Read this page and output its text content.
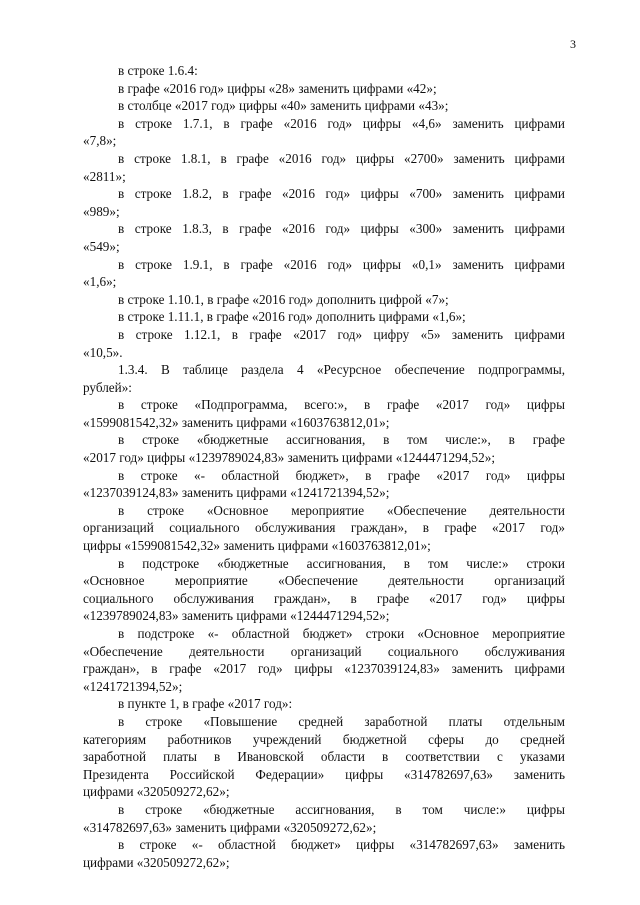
3
в строке 1.6.4:
в графе «2016 год» цифры «28» заменить цифрами «42»;
в столбце «2017 год» цифры «40» заменить цифрами «43»;
в строке 1.7.1, в графе «2016 год» цифры «4,6» заменить цифрами
«7,8»;
в строке 1.8.1, в графе «2016 год» цифры «2700» заменить цифрами
«2811»;
в строке 1.8.2, в графе «2016 год» цифры «700» заменить цифрами
«989»;
в строке 1.8.3, в графе «2016 год» цифры «300» заменить цифрами
«549»;
в строке 1.9.1, в графе «2016 год» цифры «0,1» заменить цифрами
«1,6»;
в строке 1.10.1, в графе «2016 год» дополнить цифрой «7»;
в строке 1.11.1, в графе «2016 год» дополнить цифрами «1,6»;
в строке 1.12.1, в графе «2017 год» цифру «5» заменить цифрами
«10,5».
1.3.4. В таблице раздела 4 «Ресурсное обеспечение подпрограммы,
рублей»:
в строке «Подпрограмма, всего:», в графе «2017 год» цифры
«1599081542,32» заменить цифрами «1603763812,01»;
в строке «бюджетные ассигнования, в том числе:», в графе
«2017 год» цифры «1239789024,83» заменить цифрами «1244471294,52»;
в строке «- областной бюджет», в графе «2017 год» цифры
«1237039124,83» заменить цифрами «1241721394,52»;
в строке «Основное мероприятие «Обеспечение деятельности
организаций социального обслуживания граждан», в графе «2017 год»
цифры «1599081542,32» заменить цифрами «1603763812,01»;
в подстроке «бюджетные ассигнования, в том числе:» строки
«Основное мероприятие «Обеспечение деятельности организаций
социального обслуживания граждан», в графе «2017 год» цифры
«1239789024,83» заменить цифрами «1244471294,52»;
в подстроке «- областной бюджет» строки «Основное мероприятие
«Обеспечение деятельности организаций социального обслуживания
граждан», в графе «2017 год» цифры «1237039124,83» заменить цифрами
«1241721394,52»;
в пункте 1, в графе «2017 год»:
в строке «Повышение средней заработной платы отдельным
категориям работников учреждений бюджетной сферы до средней
заработной платы в Ивановской области в соответствии с указами
Президента Российской Федерации» цифры «314782697,63» заменить
цифрами «320509272,62»;
в строке «бюджетные ассигнования, в том числе:» цифры
«314782697,63» заменить цифрами «320509272,62»;
в строке «- областной бюджет» цифры «314782697,63» заменить
цифрами «320509272,62»;
